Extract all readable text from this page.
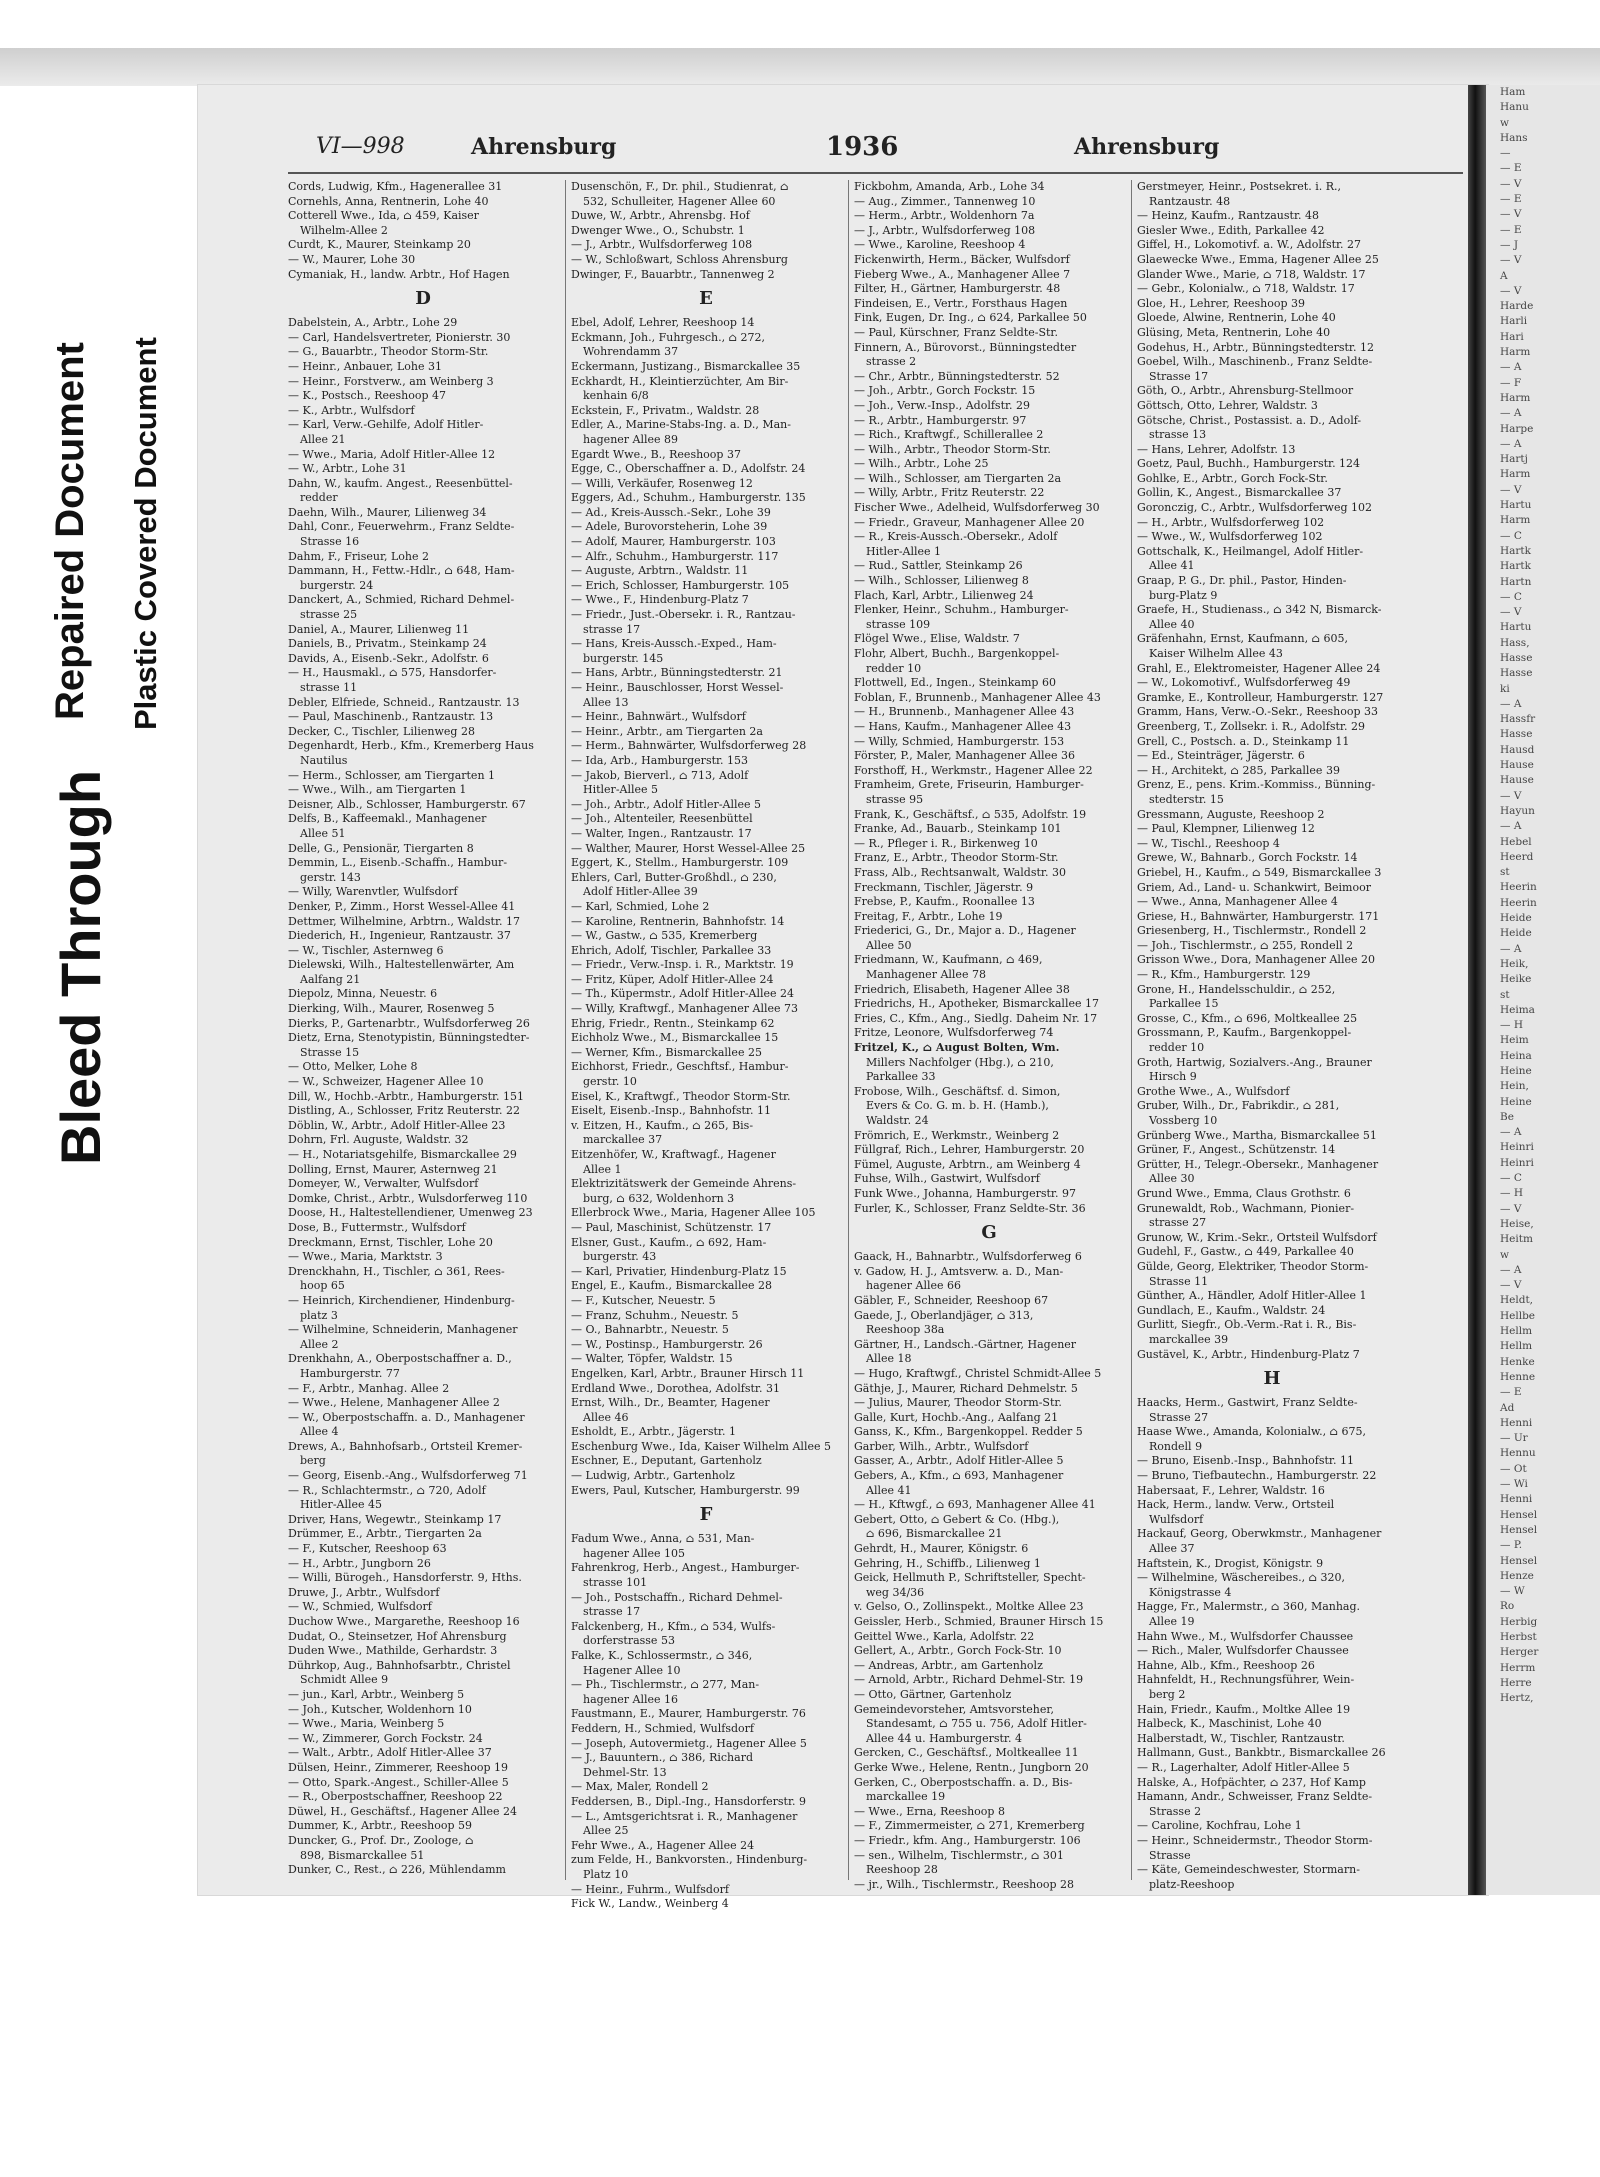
Bleed Through
Repaired Document Plastic Covered Document
Ham
Hanu
w
Hans
—
— E
— V
— E
— V
— E
— J
— V
A
— V
Harde
Harli
Hari
Harm
— A
— F
Harm
— A
Harpe
— A
Hartj
Harm
— V
Hartu
Harm
— C
Hartk
Hartk
Hartn
— C
— V
Hartu
Hass,
Hasse
Hasse
ki
— A
Hassfr
Hasse
Hausd
Hause
Hause
— V
Hayun
— A
Hebel
Heerd
st
Heerin
Heerin
Heide
Heide
— A
Heik,
Heike
st
Heima
— H
Heim
Heina
Heine
Hein,
Heine
Be
— A
Heinri
Heinri
— C
— H
— V
Heise,
Heitm
w
— A
— V
Heldt,
Hellbe
Hellm
Hellm
Henke
Henne
— E
Ad
Henni
— Ur
Hennu
— Ot
— Wi
Henni
Hensel
Hensel
— P.
Hensel
Henze
— W
Ro
Herbig
Herbst
Herger
Herrm
Herre
Hertz,
VI—998	Ahrensburg	1936	Ahrensburg
Cords, Ludwig, Kfm., Hagenerallee 31
Cornehls, Anna, Rentnerin, Lohe 40
Cotterell Wwe., Ida, ⌂ 459, Kaiser
Wilhelm-Allee 2
Curdt, K., Maurer, Steinkamp 20
— W., Maurer, Lohe 30
Cymaniak, H., landw. Arbtr., Hof Hagen
D
Dabelstein, A., Arbtr., Lohe 29
— Carl, Handelsvertreter, Pionierstr. 30
— G., Bauarbtr., Theodor Storm-Str.
— Heinr., Anbauer, Lohe 31
— Heinr., Forstverw., am Weinberg 3
— K., Postsch., Reeshoop 47
— K., Arbtr., Wulfsdorf
— Karl, Verw.-Gehilfe, Adolf Hitler-
Allee 21
— Wwe., Maria, Adolf Hitler-Allee 12
— W., Arbtr., Lohe 31
Dahn, W., kaufm. Angest., Reesenbüttel-
redder
Daehn, Wilh., Maurer, Lilienweg 34
Dahl, Conr., Feuerwehrm., Franz Seldte-
Strasse 16
Dahm, F., Friseur, Lohe 2
Dammann, H., Fettw.-Hdlr., ⌂ 648, Ham-
burgerstr. 24
Danckert, A., Schmied, Richard Dehmel-
strasse 25
Daniel, A., Maurer, Lilienweg 11
Daniels, B., Privatm., Steinkamp 24
Davids, A., Eisenb.-Sekr., Adolfstr. 6
— H., Hausmakl., ⌂ 575, Hansdorfer-
strasse 11
Debler, Elfriede, Schneid., Rantzaustr. 13
— Paul, Maschinenb., Rantzaustr. 13
Decker, C., Tischler, Lilienweg 28
Degenhardt, Herb., Kfm., Kremerberg Haus
Nautilus
— Herm., Schlosser, am Tiergarten 1
— Wwe., Wilh., am Tiergarten 1
Deisner, Alb., Schlosser, Hamburgerstr. 67
Delfs, B., Kaffeemakl., Manhagener
Allee 51
Delle, G., Pensionär, Tiergarten 8
Demmin, L., Eisenb.-Schaffn., Hambur-
gerstr. 143
— Willy, Warenvtler, Wulfsdorf
Denker, P., Zimm., Horst Wessel-Allee 41
Dettmer, Wilhelmine, Arbtrn., Waldstr. 17
Diederich, H., Ingenieur, Rantzaustr. 37
— W., Tischler, Asternweg 6
Dielewski, Wilh., Haltestellenwärter, Am
Aalfang 21
Diepolz, Minna, Neuestr. 6
Dierking, Wilh., Maurer, Rosenweg 5
Dierks, P., Gartenarbtr., Wulfsdorferweg 26
Dietz, Erna, Stenotypistin, Bünningstedter-
Strasse 15
— Otto, Melker, Lohe 8
— W., Schweizer, Hagener Allee 10
Dill, W., Hochb.-Arbtr., Hamburgerstr. 151
Distling, A., Schlosser, Fritz Reuterstr. 22
Döblin, W., Arbtr., Adolf Hitler-Allee 23
Dohrn, Frl. Auguste, Waldstr. 32
— H., Notariatsgehilfe, Bismarckallee 29
Dolling, Ernst, Maurer, Asternweg 21
Domeyer, W., Verwalter, Wulfsdorf
Domke, Christ., Arbtr., Wulsdorferweg 110
Doose, H., Haltestellendiener, Umenweg 23
Dose, B., Futtermstr., Wulfsdorf
Dreckmann, Ernst, Tischler, Lohe 20
— Wwe., Maria, Marktstr. 3
Drenckhahn, H., Tischler, ⌂ 361, Rees-
hoop 65
— Heinrich, Kirchendiener, Hindenburg-
platz 3
— Wilhelmine, Schneiderin, Manhagener
Allee 2
Drenkhahn, A., Oberpostschaffner a. D.,
Hamburgerstr. 77
— F., Arbtr., Manhag. Allee 2
— Wwe., Helene, Manhagener Allee 2
— W., Oberpostschaffn. a. D., Manhagener
Allee 4
Drews, A., Bahnhofsarb., Ortsteil Kremer-
berg
— Georg, Eisenb.-Ang., Wulfsdorferweg 71
— R., Schlachtermstr., ⌂ 720, Adolf
Hitler-Allee 45
Driver, Hans, Wegewtr., Steinkamp 17
Drümmer, E., Arbtr., Tiergarten 2a
— F., Kutscher, Reeshoop 63
— H., Arbtr., Jungborn 26
— Willi, Bürogeh., Hansdorferstr. 9, Hths.
Druwe, J., Arbtr., Wulfsdorf
— W., Schmied, Wulfsdorf
Duchow Wwe., Margarethe, Reeshoop 16
Dudat, O., Steinsetzer, Hof Ahrensburg
Duden Wwe., Mathilde, Gerhardstr. 3
Dührkop, Aug., Bahnhofsarbtr., Christel
Schmidt Allee 9
— jun., Karl, Arbtr., Weinberg 5
— Joh., Kutscher, Woldenhorn 10
— Wwe., Maria, Weinberg 5
— W., Zimmerer, Gorch Fockstr. 24
— Walt., Arbtr., Adolf Hitler-Allee 37
Dülsen, Heinr., Zimmerer, Reeshoop 19
— Otto, Spark.-Angest., Schiller-Allee 5
— R., Oberpostschaffner, Reeshoop 22
Düwel, H., Geschäftsf., Hagener Allee 24
Dummer, K., Arbtr., Reeshoop 59
Duncker, G., Prof. Dr., Zoologe, ⌂
898, Bismarckallee 51
Dunker, C., Rest., ⌂ 226, Mühlendamm
Dusenschön, F., Dr. phil., Studienrat, ⌂
532, Schulleiter, Hagener Allee 60
Duwe, W., Arbtr., Ahrensbg. Hof
Dwenger Wwe., O., Schubstr. 1
— J., Arbtr., Wulfsdorferweg 108
— W., Schloßwart, Schloss Ahrensburg
Dwinger, F., Bauarbtr., Tannenweg 2
E
Ebel, Adolf, Lehrer, Reeshoop 14
Eckmann, Joh., Fuhrgesch., ⌂ 272,
Wohrendamm 37
Eckermann, Justizang., Bismarckallee 35
Eckhardt, H., Kleintierzüchter, Am Bir-
kenhain 6/8
Eckstein, F., Privatm., Waldstr. 28
Edler, A., Marine-Stabs-Ing. a. D., Man-
hagener Allee 89
Egardt Wwe., B., Reeshoop 37
Egge, C., Oberschaffner a. D., Adolfstr. 24
— Willi, Verkäufer, Rosenweg 12
Eggers, Ad., Schuhm., Hamburgerstr. 135
— Ad., Kreis-Aussch.-Sekr., Lohe 39
— Adele, Burovorsteherin, Lohe 39
— Adolf, Maurer, Hamburgerstr. 103
— Alfr., Schuhm., Hamburgerstr. 117
— Auguste, Arbtrn., Waldstr. 11
— Erich, Schlosser, Hamburgerstr. 105
— Wwe., F., Hindenburg-Platz 7
— Friedr., Just.-Obersekr. i. R., Rantzau-
strasse 17
— Hans, Kreis-Aussch.-Exped., Ham-
burgerstr. 145
— Hans, Arbtr., Bünningstedterstr. 21
— Heinr., Bauschlosser, Horst Wessel-
Allee 13
— Heinr., Bahnwärt., Wulfsdorf
— Heinr., Arbtr., am Tiergarten 2a
— Herm., Bahnwärter, Wulfsdorferweg 28
— Ida, Arb., Hamburgerstr. 153
— Jakob, Bierverl., ⌂ 713, Adolf
Hitler-Allee 5
— Joh., Arbtr., Adolf Hitler-Allee 5
— Joh., Altenteiler, Reesenbüttel
— Walter, Ingen., Rantzaustr. 17
— Walther, Maurer, Horst Wessel-Allee 25
Eggert, K., Stellm., Hamburgerstr. 109
Ehlers, Carl, Butter-Großhdl., ⌂ 230,
Adolf Hitler-Allee 39
— Karl, Schmied, Lohe 2
— Karoline, Rentnerin, Bahnhofstr. 14
— W., Gastw., ⌂ 535, Kremerberg
Ehrich, Adolf, Tischler, Parkallee 33
— Friedr., Verw.-Insp. i. R., Marktstr. 19
— Fritz, Küper, Adolf Hitler-Allee 24
— Th., Küpermstr., Adolf Hitler-Allee 24
— Willy, Kraftwgf., Manhagener Allee 73
Ehrig, Friedr., Rentn., Steinkamp 62
Eichholz Wwe., M., Bismarckallee 15
— Werner, Kfm., Bismarckallee 25
Eichhorst, Friedr., Geschftsf., Hambur-
gerstr. 10
Eisel, K., Kraftwgf., Theodor Storm-Str.
Eiselt, Eisenb.-Insp., Bahnhofstr. 11
v. Eitzen, H., Kaufm., ⌂ 265, Bis-
marckallee 37
Eitzenhöfer, W., Kraftwagf., Hagener
Allee 1
Elektrizitätswerk der Gemeinde Ahrens-
burg, ⌂ 632, Woldenhorn 3
Ellerbrock Wwe., Maria, Hagener Allee 105
— Paul, Maschinist, Schützenstr. 17
Elsner, Gust., Kaufm., ⌂ 692, Ham-
burgerstr. 43
— Karl, Privatier, Hindenburg-Platz 15
Engel, E., Kaufm., Bismarckallee 28
— F., Kutscher, Neuestr. 5
— Franz, Schuhm., Neuestr. 5
— O., Bahnarbtr., Neuestr. 5
— W., Postinsp., Hamburgerstr. 26
— Walter, Töpfer, Waldstr. 15
Engelken, Karl, Arbtr., Brauner Hirsch 11
Erdland Wwe., Dorothea, Adolfstr. 31
Ernst, Wilh., Dr., Beamter, Hagener
Allee 46
Esholdt, E., Arbtr., Jägerstr. 1
Eschenburg Wwe., Ida, Kaiser Wilhelm Allee 5
Eschner, E., Deputant, Gartenholz
— Ludwig, Arbtr., Gartenholz
Ewers, Paul, Kutscher, Hamburgerstr. 99
F
Fadum Wwe., Anna, ⌂ 531, Man-
hagener Allee 105
Fahrenkrog, Herb., Angest., Hamburger-
strasse 101
— Joh., Postschaffn., Richard Dehmel-
strasse 17
Falckenberg, H., Kfm., ⌂ 534, Wulfs-
dorferstrasse 53
Falke, K., Schlossermstr., ⌂ 346,
Hagener Allee 10
— Ph., Tischlermstr., ⌂ 277, Man-
hagener Allee 16
Faustmann, E., Maurer, Hamburgerstr. 76
Feddern, H., Schmied, Wulfsdorf
— Joseph, Autovermietg., Hagener Allee 5
— J., Bauuntern., ⌂ 386, Richard
Dehmel-Str. 13
— Max, Maler, Rondell 2
Feddersen, B., Dipl.-Ing., Hansdorferstr. 9
— L., Amtsgerichtsrat i. R., Manhagener
Allee 25
Fehr Wwe., A., Hagener Allee 24
zum Felde, H., Bankvorsten., Hindenburg-
Platz 10
— Heinr., Fuhrm., Wulfsdorf
Fick W., Landw., Weinberg 4
Fickbohm, Amanda, Arb., Lohe 34
— Aug., Zimmer., Tannenweg 10
— Herm., Arbtr., Woldenhorn 7a
— J., Arbtr., Wulfsdorferweg 108
— Wwe., Karoline, Reeshoop 4
Fickenwirth, Herm., Bäcker, Wulfsdorf
Fieberg Wwe., A., Manhagener Allee 7
Filter, H., Gärtner, Hamburgerstr. 48
Findeisen, E., Vertr., Forsthaus Hagen
Fink, Eugen, Dr. Ing., ⌂ 624, Parkallee 50
— Paul, Kürschner, Franz Seldte-Str.
Finnern, A., Bürovorst., Bünningstedter
strasse 2
— Chr., Arbtr., Bünningstedterstr. 52
— Joh., Arbtr., Gorch Fockstr. 15
— Joh., Verw.-Insp., Adolfstr. 29
— R., Arbtr., Hamburgerstr. 97
— Rich., Kraftwgf., Schillerallee 2
— Wilh., Arbtr., Theodor Storm-Str.
— Wilh., Arbtr., Lohe 25
— Wilh., Schlosser, am Tiergarten 2a
— Willy, Arbtr., Fritz Reuterstr. 22
Fischer Wwe., Adelheid, Wulfsdorferweg 30
— Friedr., Graveur, Manhagener Allee 20
— R., Kreis-Aussch.-Obersekr., Adolf
Hitler-Allee 1
— Rud., Sattler, Steinkamp 26
— Wilh., Schlosser, Lilienweg 8
Flach, Karl, Arbtr., Lilienweg 24
Flenker, Heinr., Schuhm., Hamburger-
strasse 109
Flögel Wwe., Elise, Waldstr. 7
Flohr, Albert, Buchh., Bargenkoppel-
redder 10
Flottwell, Ed., Ingen., Steinkamp 60
Foblan, F., Brunnenb., Manhagener Allee 43
— H., Brunnenb., Manhagener Allee 43
— Hans, Kaufm., Manhagener Allee 43
— Willy, Schmied, Hamburgerstr. 153
Förster, P., Maler, Manhagener Allee 36
Forsthoff, H., Werkmstr., Hagener Allee 22
Framheim, Grete, Friseurin, Hamburger-
strasse 95
Frank, K., Geschäftsf., ⌂ 535, Adolfstr. 19
Franke, Ad., Bauarb., Steinkamp 101
— R., Pfleger i. R., Birkenweg 10
Franz, E., Arbtr., Theodor Storm-Str.
Frass, Alb., Rechtsanwalt, Waldstr. 30
Freckmann, Tischler, Jägerstr. 9
Frebse, P., Kaufm., Roonallee 13
Freitag, F., Arbtr., Lohe 19
Friederici, G., Dr., Major a. D., Hagener
Allee 50
Friedmann, W., Kaufmann, ⌂ 469,
Manhagener Allee 78
Friedrich, Elisabeth, Hagener Allee 38
Friedrichs, H., Apotheker, Bismarckallee 17
Fries, C., Kfm., Ang., Siedlg. Daheim Nr. 17
Fritze, Leonore, Wulfsdorferweg 74
Fritzel, K., ⌂ August Bolten, Wm.
Millers Nachfolger (Hbg.), ⌂ 210,
Parkallee 33
Frobose, Wilh., Geschäftsf. d. Simon,
Evers & Co. G. m. b. H. (Hamb.),
Waldstr. 24
Frömrich, E., Werkmstr., Weinberg 2
Füllgraf, Rich., Lehrer, Hamburgerstr. 20
Fümel, Auguste, Arbtrn., am Weinberg 4
Fuhse, Wilh., Gastwirt, Wulfsdorf
Funk Wwe., Johanna, Hamburgerstr. 97
Furler, K., Schlosser, Franz Seldte-Str. 36
G
Gaack, H., Bahnarbtr., Wulfsdorferweg 6
v. Gadow, H. J., Amtsverw. a. D., Man-
hagener Allee 66
Gäbler, F., Schneider, Reeshoop 67
Gaede, J., Oberlandjäger, ⌂ 313,
Reeshoop 38a
Gärtner, H., Landsch.-Gärtner, Hagener
Allee 18
— Hugo, Kraftwgf., Christel Schmidt-Allee 5
Gäthje, J., Maurer, Richard Dehmelstr. 5
— Julius, Maurer, Theodor Storm-Str.
Galle, Kurt, Hochb.-Ang., Aalfang 21
Ganss, K., Kfm., Bargenkoppel. Redder 5
Garber, Wilh., Arbtr., Wulfsdorf
Gasser, A., Arbtr., Adolf Hitler-Allee 5
Gebers, A., Kfm., ⌂ 693, Manhagener
Allee 41
— H., Kftwgf., ⌂ 693, Manhagener Allee 41
Gebert, Otto, ⌂ Gebert & Co. (Hbg.),
⌂ 696, Bismarckallee 21
Gehrdt, H., Maurer, Königstr. 6
Gehring, H., Schiffb., Lilienweg 1
Geick, Hellmuth P., Schriftsteller, Specht-
weg 34/36
v. Gelso, O., Zollinspekt., Moltke Allee 23
Geissler, Herb., Schmied, Brauner Hirsch 15
Geittel Wwe., Karla, Adolfstr. 22
Gellert, A., Arbtr., Gorch Fock-Str. 10
— Andreas, Arbtr., am Gartenholz
— Arnold, Arbtr., Richard Dehmel-Str. 19
— Otto, Gärtner, Gartenholz
Gemeindevorsteher, Amtsvorsteher,
Standesamt, ⌂ 755 u. 756, Adolf Hitler-
Allee 44 u. Hamburgerstr. 4
Gercken, C., Geschäftsf., Moltkeallee 11
Gerke Wwe., Helene, Rentn., Jungborn 20
Gerken, C., Oberpostschaffn. a. D., Bis-
marckallee 19
— Wwe., Erna, Reeshoop 8
— F., Zimmermeister, ⌂ 271, Kremerberg
— Friedr., kfm. Ang., Hamburgerstr. 106
— sen., Wilhelm, Tischlermstr., ⌂ 301
Reeshoop 28
— jr., Wilh., Tischlermstr., Reeshoop 28
Gerstmeyer, Heinr., Postsekret. i. R.,
Rantzaustr. 48
— Heinz, Kaufm., Rantzaustr. 48
Giesler Wwe., Edith, Parkallee 42
Giffel, H., Lokomotivf. a. W., Adolfstr. 27
Glaewecke Wwe., Emma, Hagener Allee 25
Glander Wwe., Marie, ⌂ 718, Waldstr. 17
— Gebr., Kolonialw., ⌂ 718, Waldstr. 17
Gloe, H., Lehrer, Reeshoop 39
Gloede, Alwine, Rentnerin, Lohe 40
Glüsing, Meta, Rentnerin, Lohe 40
Godehus, H., Arbtr., Bünningstedterstr. 12
Goebel, Wilh., Maschinenb., Franz Seldte-
Strasse 17
Göth, O., Arbtr., Ahrensburg-Stellmoor
Göttsch, Otto, Lehrer, Waldstr. 3
Götsche, Christ., Postassist. a. D., Adolf-
strasse 13
— Hans, Lehrer, Adolfstr. 13
Goetz, Paul, Buchh., Hamburgerstr. 124
Gohlke, E., Arbtr., Gorch Fock-Str.
Gollin, K., Angest., Bismarckallee 37
Goronczig, C., Arbtr., Wulfsdorferweg 102
— H., Arbtr., Wulfsdorferweg 102
— Wwe., W., Wulfsdorferweg 102
Gottschalk, K., Heilmangel, Adolf Hitler-
Allee 41
Graap, P. G., Dr. phil., Pastor, Hinden-
burg-Platz 9
Graefe, H., Studienass., ⌂ 342 N, Bismarck-
Allee 40
Gräfenhahn, Ernst, Kaufmann, ⌂ 605,
Kaiser Wilhelm Allee 43
Grahl, E., Elektromeister, Hagener Allee 24
— W., Lokomotivf., Wulfsdorferweg 49
Gramke, E., Kontrolleur, Hamburgerstr. 127
Gramm, Hans, Verw.-O.-Sekr., Reeshoop 33
Greenberg, T., Zollsekr. i. R., Adolfstr. 29
Grell, C., Postsch. a. D., Steinkamp 11
— Ed., Steinträger, Jägerstr. 6
— H., Architekt, ⌂ 285, Parkallee 39
Grenz, E., pens. Krim.-Kommiss., Bünning-
stedterstr. 15
Gressmann, Auguste, Reeshoop 2
— Paul, Klempner, Lilienweg 12
— W., Tischl., Reeshoop 4
Grewe, W., Bahnarb., Gorch Fockstr. 14
Griebel, H., Kaufm., ⌂ 549, Bismarckallee 3
Griem, Ad., Land- u. Schankwirt, Beimoor
— Wwe., Anna, Manhagener Allee 4
Griese, H., Bahnwärter, Hamburgerstr. 171
Griesenberg, H., Tischlermstr., Rondell 2
— Joh., Tischlermstr., ⌂ 255, Rondell 2
Grisson Wwe., Dora, Manhagener Allee 20
— R., Kfm., Hamburgerstr. 129
Grone, H., Handelsschuldir., ⌂ 252,
Parkallee 15
Grosse, C., Kfm., ⌂ 696, Moltkeallee 25
Grossmann, P., Kaufm., Bargenkoppel-
redder 10
Groth, Hartwig, Sozialvers.-Ang., Brauner
Hirsch 9
Grothe Wwe., A., Wulfsdorf
Gruber, Wilh., Dr., Fabrikdir., ⌂ 281,
Vossberg 10
Grünberg Wwe., Martha, Bismarckallee 51
Grüner, F., Angest., Schützenstr. 14
Grütter, H., Telegr.-Obersekr., Manhagener
Allee 30
Grund Wwe., Emma, Claus Grothstr. 6
Grunewaldt, Rob., Wachmann, Pionier-
strasse 27
Grunow, W., Krim.-Sekr., Ortsteil Wulfsdorf
Gudehl, F., Gastw., ⌂ 449, Parkallee 40
Gülde, Georg, Elektriker, Theodor Storm-
Strasse 11
Günther, A., Händler, Adolf Hitler-Allee 1
Gundlach, E., Kaufm., Waldstr. 24
Gurlitt, Siegfr., Ob.-Verm.-Rat i. R., Bis-
marckallee 39
Gustävel, K., Arbtr., Hindenburg-Platz 7
H
Haacks, Herm., Gastwirt, Franz Seldte-
Strasse 27
Haase Wwe., Amanda, Kolonialw., ⌂ 675,
Rondell 9
— Bruno, Eisenb.-Insp., Bahnhofstr. 11
— Bruno, Tiefbautechn., Hamburgerstr. 22
Habersaat, F., Lehrer, Waldstr. 16
Hack, Herm., landw. Verw., Ortsteil
Wulfsdorf
Hackauf, Georg, Oberwkmstr., Manhagener
Allee 37
Haftstein, K., Drogist, Königstr. 9
— Wilhelmine, Wäschereibes., ⌂ 320,
Königstrasse 4
Hagge, Fr., Malermstr., ⌂ 360, Manhag.
Allee 19
Hahn Wwe., M., Wulfsdorfer Chaussee
— Rich., Maler, Wulfsdorfer Chaussee
Hahne, Alb., Kfm., Reeshoop 26
Hahnfeldt, H., Rechnungsführer, Wein-
berg 2
Hain, Friedr., Kaufm., Moltke Allee 19
Halbeck, K., Maschinist, Lohe 40
Halberstadt, W., Tischler, Rantzaustr.
Hallmann, Gust., Bankbtr., Bismarckallee 26
— R., Lagerhalter, Adolf Hitler-Allee 5
Halske, A., Hofpächter, ⌂ 237, Hof Kamp
Hamann, Andr., Schweisser, Franz Seldte-
Strasse 2
— Caroline, Kochfrau, Lohe 1
— Heinr., Schneidermstr., Theodor Storm-
Strasse
— Käte, Gemeindeschwester, Stormarn-
platz-Reeshoop
